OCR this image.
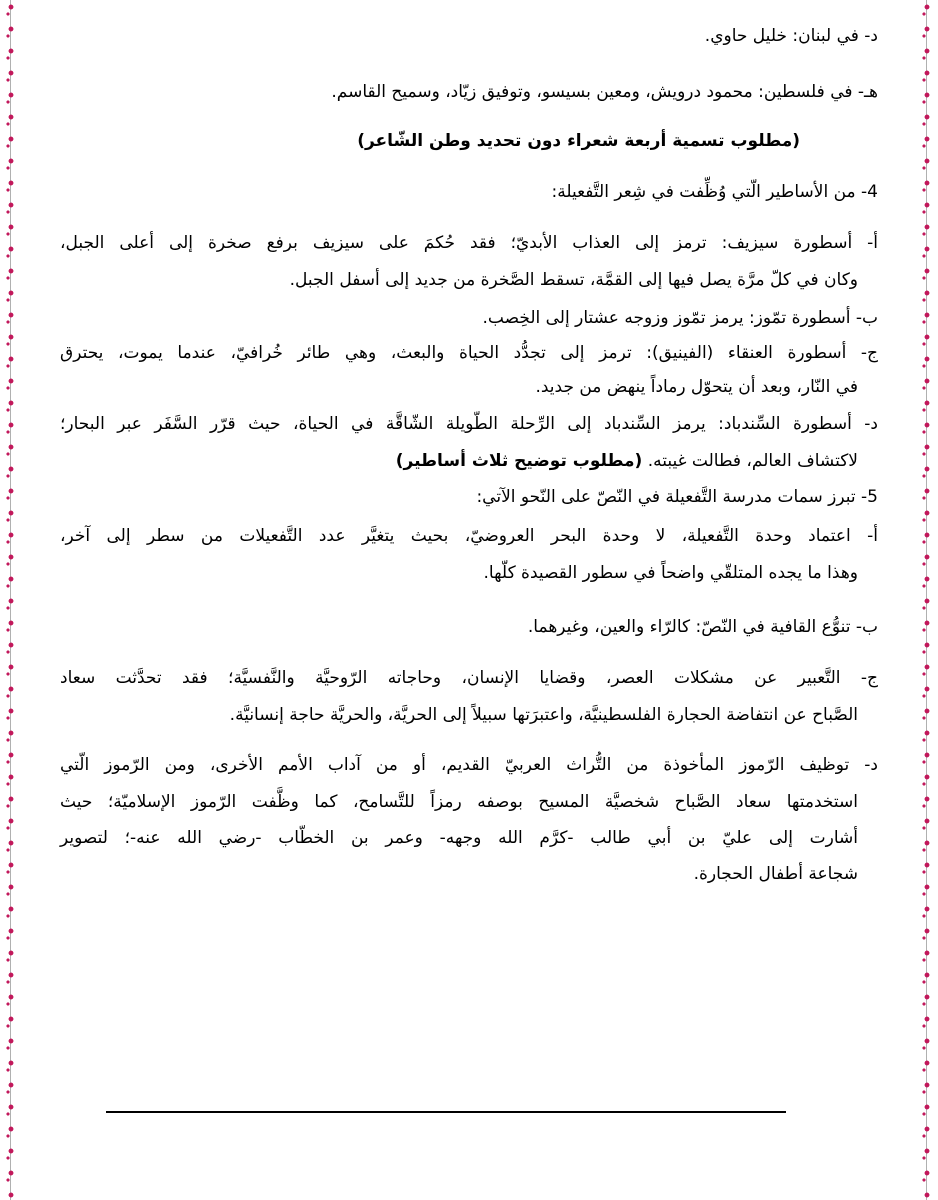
د- في لبنان: خليل حاوي.
هـ- في فلسطين: محمود درويش، ومعين بسيسو، وتوفيق زيّاد، وسميح القاسم.
(مطلوب تسمية أربعة شعراء دون تحديد وطن الشّاعر)
4- من الأساطير الّتي وُظِّفت في شِعر التَّفعيلة:
أ- أسطورة سيزيف: ترمز إلى العذاب الأبديّ؛ فقد حُكمَ على سيزيف برفع صخرة إلى أعلى الجبل،
وكان في كلّ مرَّة يصل فيها إلى القمَّة، تسقط الصَّخرة من جديد إلى أسفل الجبل.
ب- أسطورة تمّوز: يرمز تمّوز وزوجه عشتار إلى الخِصب.
ج- أسطورة العنقاء (الفينيق): ترمز إلى تجدُّد الحياة والبعث، وهي طائر خُرافيّ، عندما يموت، يحترق
في النّار، وبعد أن يتحوّل رماداً ينهض من جديد.
د- أسطورة السِّندباد: يرمز السِّندباد إلى الرِّحلة الطّويلة الشّاقَّة في الحياة، حيث قرّر السَّفَر عبر البحار؛
لاكتشاف العالم، فطالت غيبته. (مطلوب توضيح ثلاث أساطير)
5- تبرز سمات مدرسة التَّفعيلة في النّصّ على النّحو الآتي:
أ- اعتماد وحدة التَّفعيلة، لا وحدة البحر العروضيّ، بحيث يتغيَّر عدد التَّفعيلات من سطر إلى آخر،
وهذا ما يجده المتلقّي واضحاً في سطور القصيدة كلّها.
ب- تنوُّع القافية في النّصّ: كالرّاء والعين، وغيرهما.
ج- التَّعبير عن مشكلات العصر، وقضايا الإنسان، وحاجاته الرّوحيَّة والنَّفسيَّة؛ فقد تحدَّثت سعاد
الصَّباح عن انتفاضة الحجارة الفلسطينيَّة، واعتبرَتها سبيلاً إلى الحريَّة، والحريَّة حاجة إنسانيَّة.
د- توظيف الرّموز المأخوذة من التُّراث العربيّ القديم، أو من آداب الأمم الأخرى، ومن الرّموز الّتي
استخدمتها سعاد الصَّباح شخصيَّة المسيح بوصفه رمزاً للتَّسامح، كما وظَّفت الرّموز الإسلاميّة؛ حيث
أشارت إلى عليّ بن أبي طالب -كرَّم الله وجهه- وعمر بن الخطّاب -رضي الله عنه-؛ لتصوير
شجاعة أطفال الحجارة.
